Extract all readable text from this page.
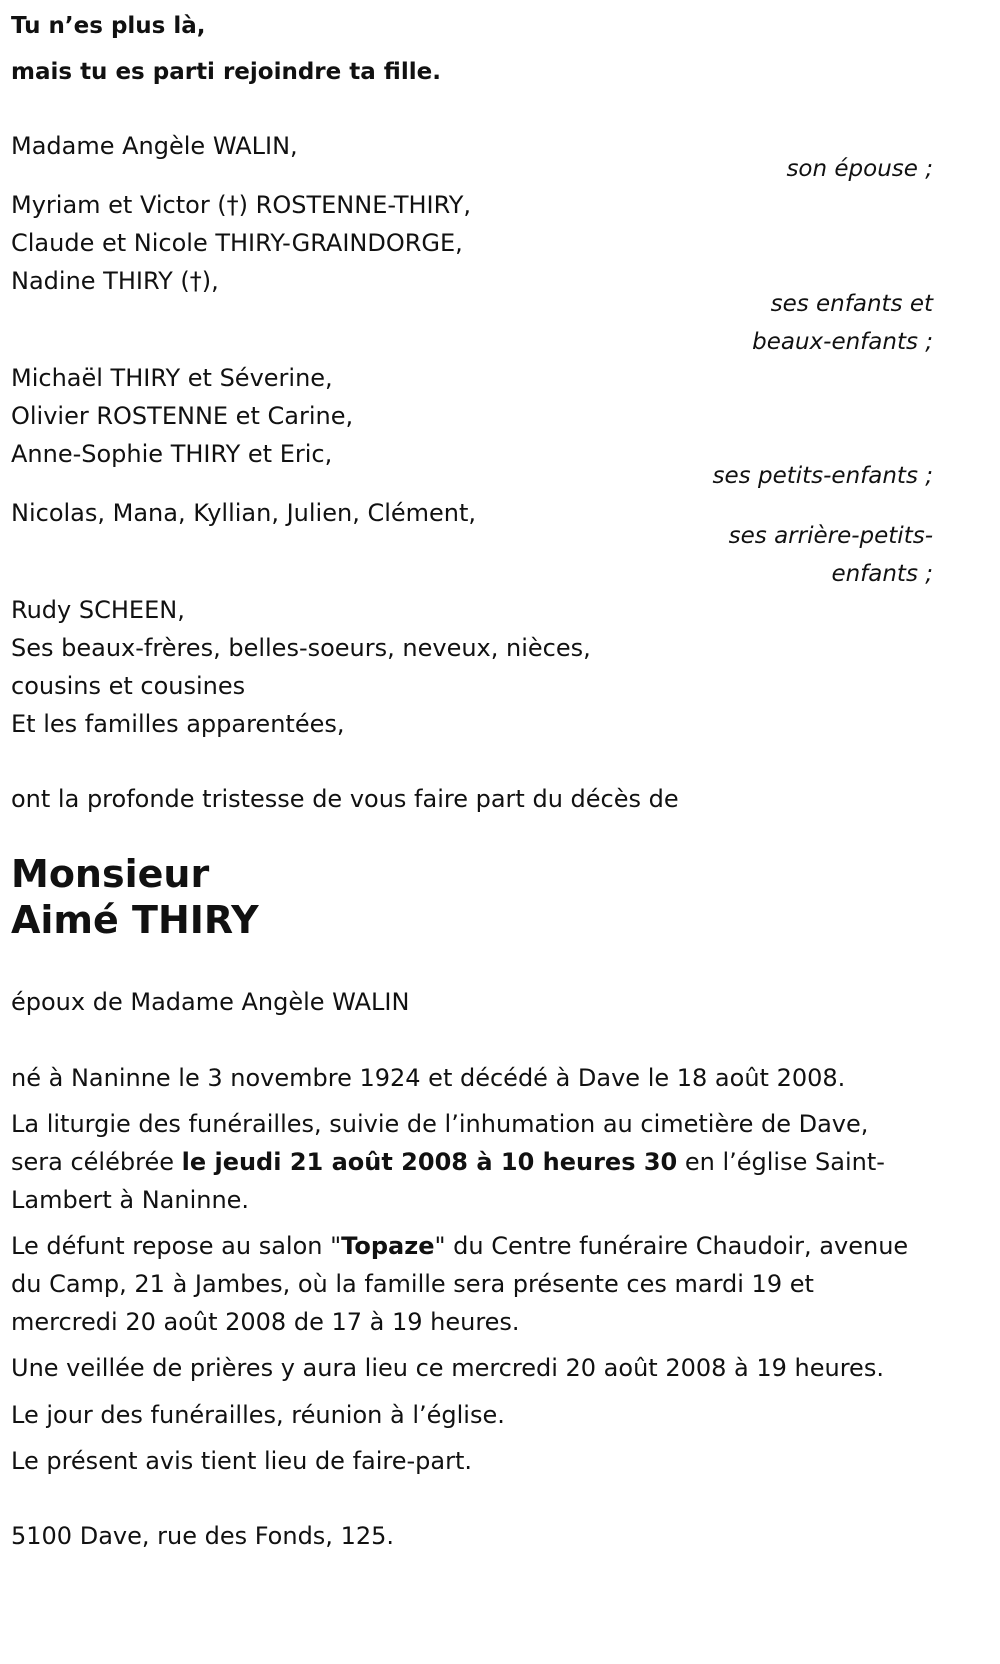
Tu n’es plus là,
mais tu es parti rejoindre ta fille.
Madame Angèle WALIN,
son épouse ;
Myriam et Victor (†) ROSTENNE-THIRY,
Claude et Nicole THIRY-GRAINDORGE,
Nadine THIRY (†),
ses enfants et
beaux-enfants ;
Michaël THIRY et Séverine,
Olivier ROSTENNE et Carine,
Anne-Sophie THIRY et Eric,
ses petits-enfants ;
Nicolas, Mana, Kyllian, Julien, Clément,
ses arrière-petits-
enfants ;
Rudy SCHEEN,
Ses beaux-frères, belles-soeurs, neveux, nièces,
cousins et cousines
Et les familles apparentées,
ont la profonde tristesse de vous faire part du décès de
Monsieur
Aimé THIRY
époux de Madame Angèle WALIN
né à Naninne le 3 novembre 1924 et décédé à Dave le 18 août 2008.
La liturgie des funérailles, suivie de l’inhumation au cimetière de Dave,
sera célébrée le jeudi 21 août 2008 à 10 heures 30 en l’église Saint-
Lambert à Naninne.
Le défunt repose au salon "Topaze" du Centre funéraire Chaudoir, avenue
du Camp, 21 à Jambes, où la famille sera présente ces mardi 19 et
mercredi 20 août 2008 de 17 à 19 heures.
Une veillée de prières y aura lieu ce mercredi 20 août 2008 à 19 heures.
Le jour des funérailles, réunion à l’église.
Le présent avis tient lieu de faire-part.
5100 Dave, rue des Fonds, 125.
